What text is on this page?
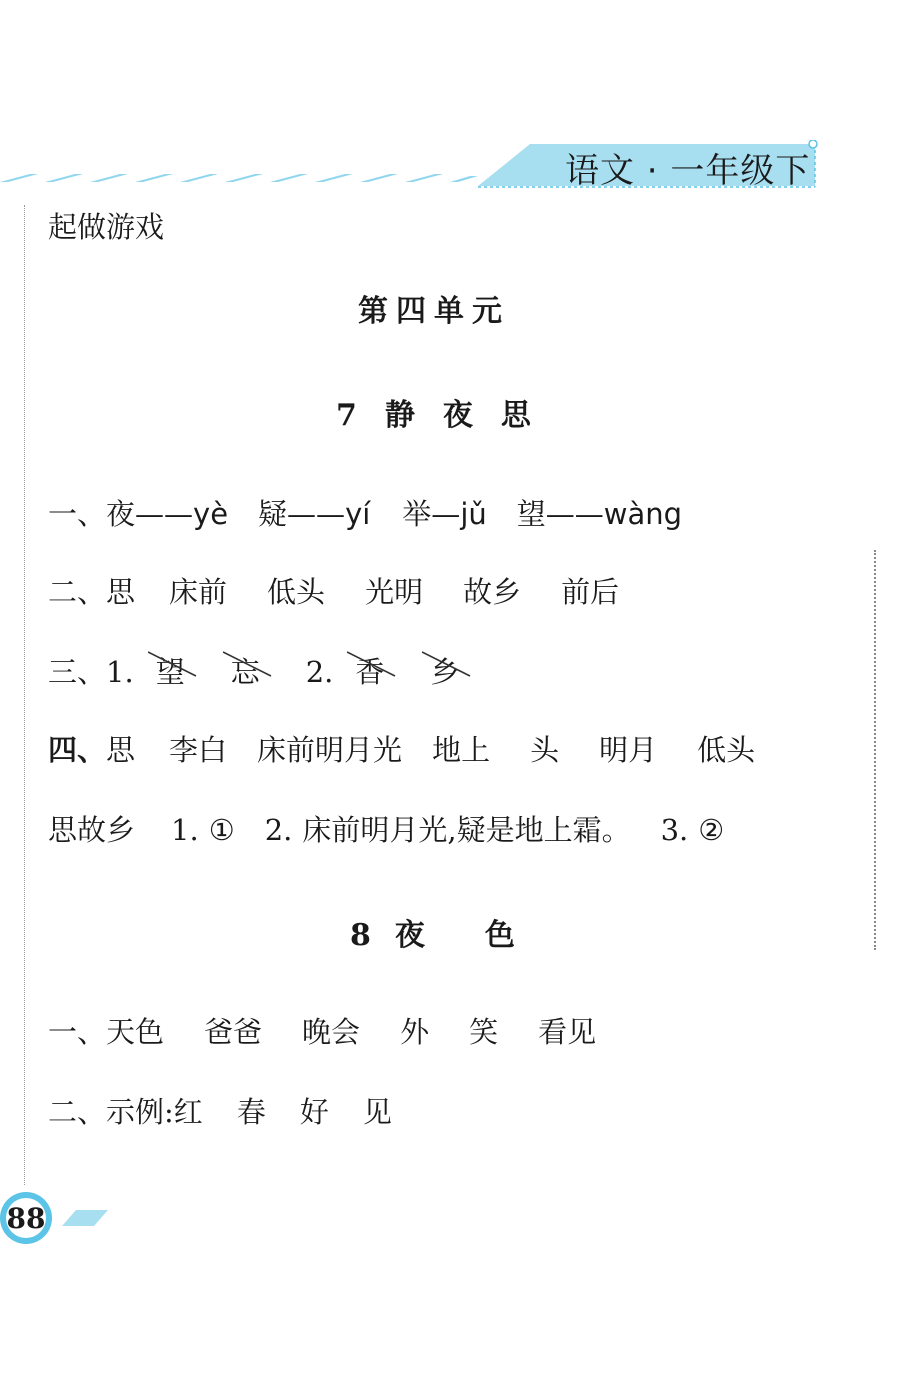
语文 · 一年级下
起做游戏
第四单元
7 静 夜 思
一、夜——yè 疑——yí 举—jǔ 望——wàng
二、思 床前 低头 光明 故乡 前后
三、1. 望 忘 2. 香 乡
四、思 李白 床前明月光 地上 头 明月 低头
思故乡 1. ① 2. 床前明月光,疑是地上霜。 3. ②
8 夜 色
一、天色 爸爸 晚会 外 笑 看见
二、示例:红 春 好 见
88
